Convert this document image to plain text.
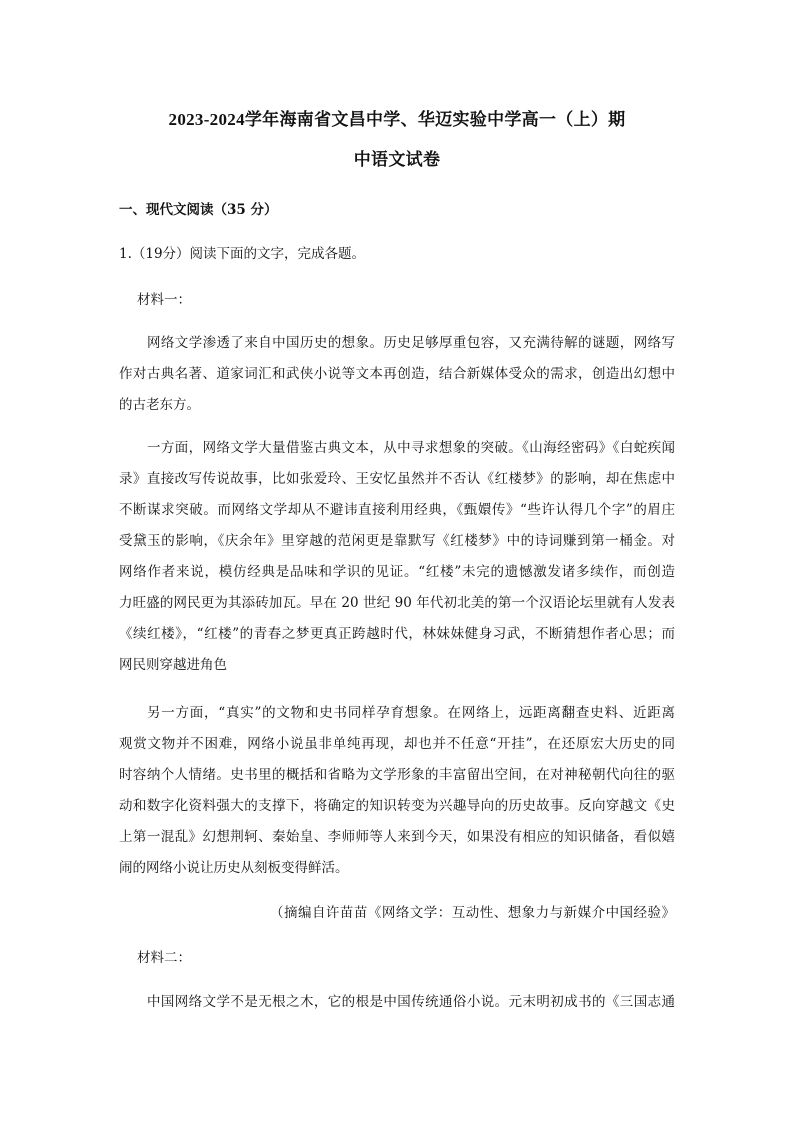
2023-2024学年海南省文昌中学、华迈实验中学高一（上）期
中语文试卷
一、现代文阅读（35 分）
1.（19分）阅读下面的文字，完成各题。
材料一：
网络文学渗透了来自中国历史的想象。历史足够厚重包容，又充满待解的谜题，网络写
作对古典名著、道家词汇和武侠小说等文本再创造，结合新媒体受众的需求，创造出幻想中
的古老东方。
一方面，网络文学大量借鉴古典文本，从中寻求想象的突破。《山海经密码》《白蛇疾闻
录》直接改写传说故事，比如张爱玲、王安忆虽然并不否认《红楼梦》的影响，却在焦虑中
不断谋求突破。而网络文学却从不避讳直接利用经典，《甄嬛传》“些许认得几个字”的眉庄
受黛玉的影响，《庆余年》里穿越的范闲更是靠默写《红楼梦》中的诗词赚到第一桶金。对
网络作者来说，模仿经典是品味和学识的见证。“红楼”未完的遗憾激发诸多续作，而创造
力旺盛的网民更为其添砖加瓦。早在 20 世纪 90 年代初北美的第一个汉语论坛里就有人发表
《续红楼》，“红楼”的青春之梦更真正跨越时代，林妹妹健身习武，不断猜想作者心思；而
网民则穿越进角色
另一方面，“真实”的文物和史书同样孕育想象。在网络上，远距离翻查史料、近距离
观赏文物并不困难，网络小说虽非单纯再现，却也并不任意“开挂”，在还原宏大历史的同
时容纳个人情绪。史书里的概括和省略为文学形象的丰富留出空间，在对神秘朝代向往的驱
动和数字化资料强大的支撑下，将确定的知识转变为兴趣导向的历史故事。反向穿越文《史
上第一混乱》幻想荆轲、秦始皇、李师师等人来到今天，如果没有相应的知识储备，看似嬉
闹的网络小说让历史从刻板变得鲜活。
（摘编自许苗苗《网络文学：互动性、想象力与新媒介中国经验》
材料二：
中国网络文学不是无根之木，它的根是中国传统通俗小说。元末明初成书的《三国志通
